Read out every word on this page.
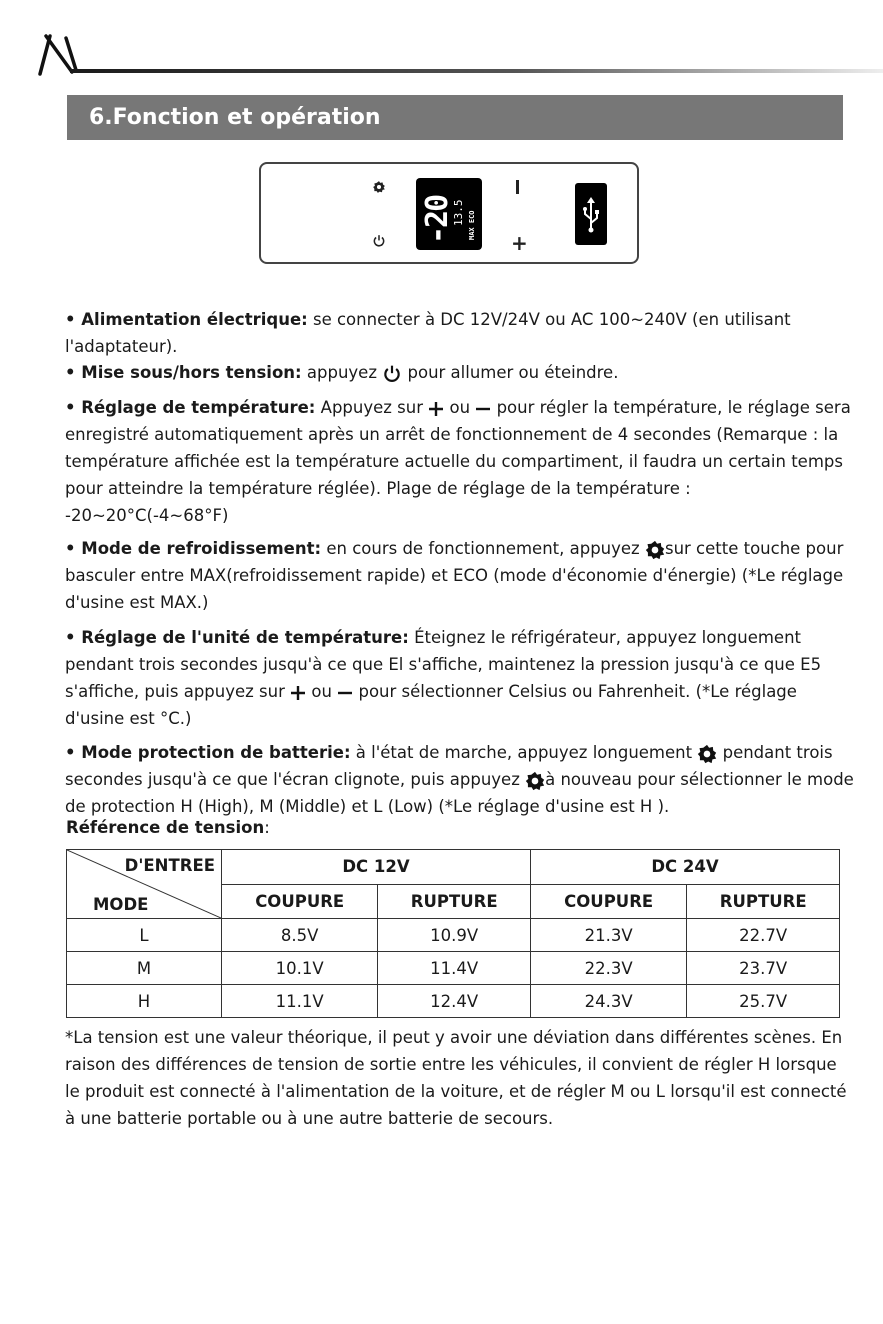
6.Fonction et opération
-20
13.5 MAX ECO
+

• Alimentation électrique: se connecter à DC 12V/24V ou AC 100~240V (en utilisant l'adaptateur).

• Mise sous/hors tension: appuyez  pour allumer ou éteindre.

• Réglage de température: Appuyez sur  ou  pour régler la température, le réglage sera enregistré automatiquement après un arrêt de fonctionnement de 4 secondes (Remarque : la température affichée est la température actuelle du compartiment, il faudra un certain temps pour atteindre la température réglée). Plage de réglage de la température : -20~20°C(-4~68°F)

• Mode de refroidissement: en cours de fonctionnement, appuyez sur cette touche pour basculer entre MAX(refroidissement rapide) et ECO (mode d'économie d'énergie) (*Le réglage d'usine est MAX.)

• Réglage de l'unité de température: Éteignez le réfrigérateur, appuyez longuement pendant trois secondes jusqu'à ce que El s'affiche, maintenez la pression jusqu'à ce que E5 s'affiche, puis appuyez sur  ou  pour sélectionner Celsius ou Fahrenheit. (*Le réglage d'usine est °C.)

• Mode protection de batterie: à l'état de marche, appuyez longuement  pendant trois secondes jusqu'à ce que l'écran clignote, puis appuyez à nouveau pour sélectionner le mode de protection H (High), M (Middle) et L (Low) (*Le réglage d'usine est H ).

Référence de tension:
D'ENTREE
MODE	DC 12V		DC 24V	
	COUPURE	RUPTURE	COUPURE	RUPTURE
L	8.5V	10.9V	21.3V	22.7V
M	10.1V	11.4V	22.3V	23.7V
H	11.1V	12.4V	24.3V	25.7V

*La tension est une valeur théorique, il peut y avoir une déviation dans différentes scènes. En raison des différences de tension de sortie entre les véhicules, il convient de régler H lorsque le produit est connecté à l'alimentation de la voiture, et de régler M ou L lorsqu'il est connecté à une batterie portable ou à une autre batterie de secours.
